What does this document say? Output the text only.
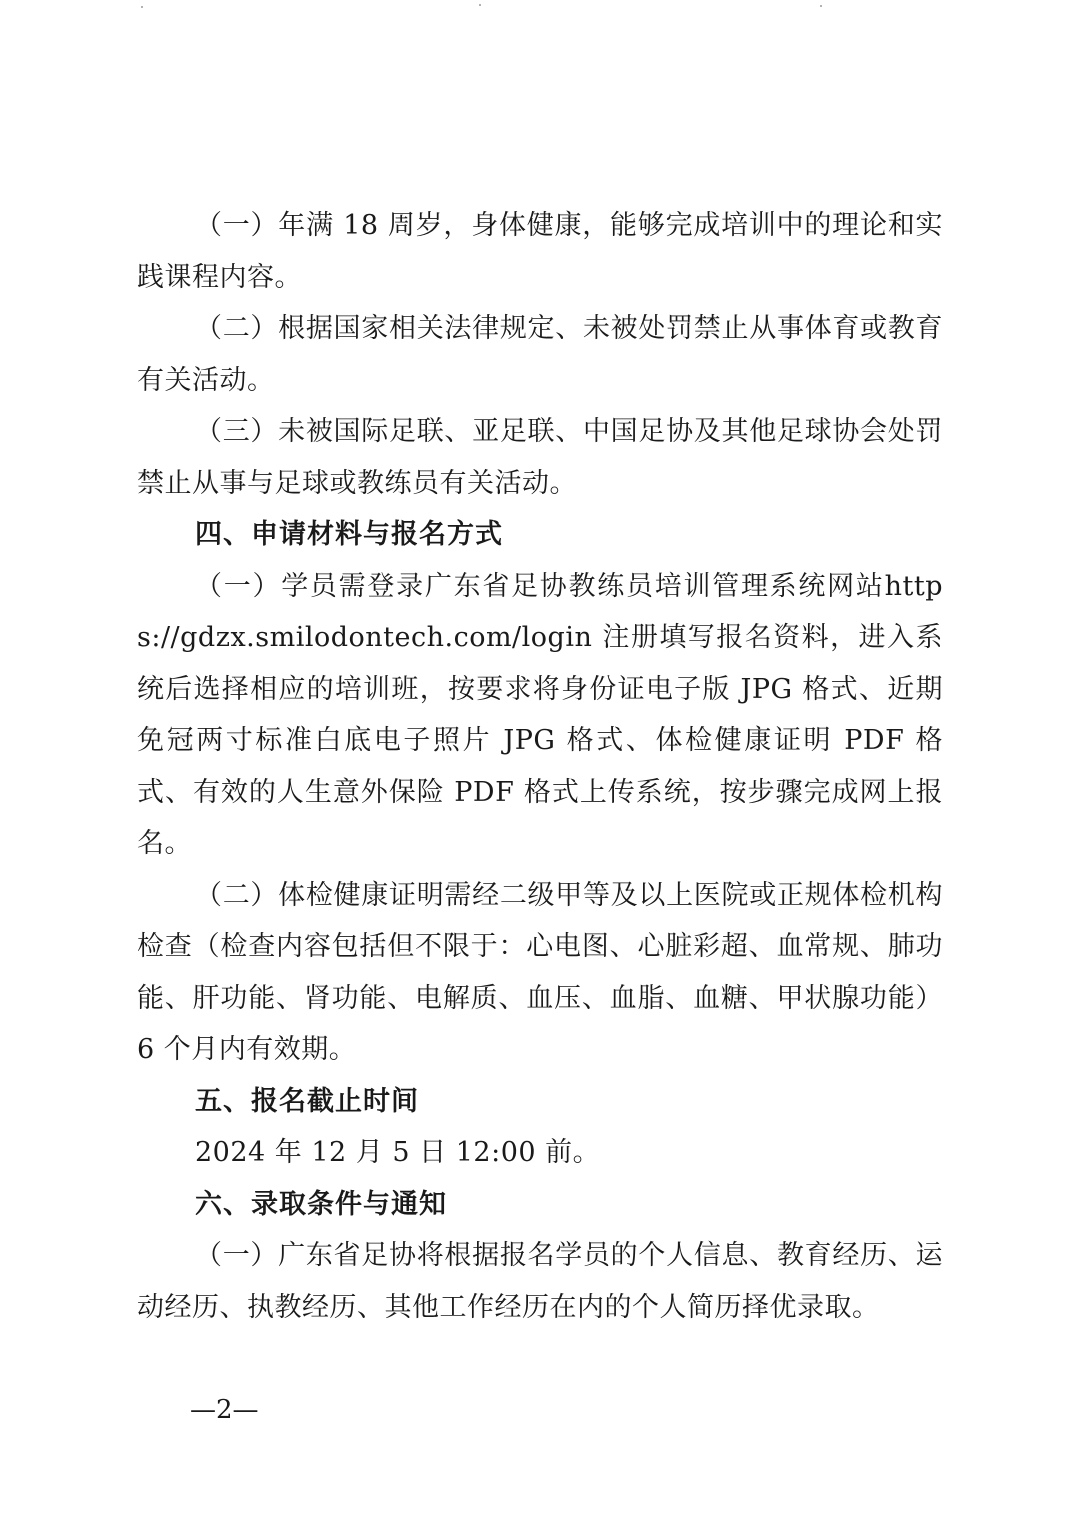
（一）年满 18 周岁，身体健康，能够完成培训中的理论和实践课程内容。

（二）根据国家相关法律规定、未被处罚禁止从事体育或教育有关活动。

（三）未被国际足联、亚足联、中国足协及其他足球协会处罚禁止从事与足球或教练员有关活动。

四、申请材料与报名方式

（一）学员需登录广东省足协教练员培训管理系统网站https://gdzx.smilodontech.com/login 注册填写报名资料，进入系统后选择相应的培训班，按要求将身份证电子版 JPG 格式、近期免冠两寸标准白底电子照片 JPG 格式、体检健康证明 PDF 格式、有效的人生意外保险 PDF 格式上传系统，按步骤完成网上报名。

（二）体检健康证明需经二级甲等及以上医院或正规体检机构检查（检查内容包括但不限于：心电图、心脏彩超、血常规、肺功能、肝功能、肾功能、电解质、血压、血脂、血糖、甲状腺功能）6 个月内有效期。

五、报名截止时间

2024 年 12 月 5 日 12:00 前。

六、录取条件与通知

（一）广东省足协将根据报名学员的个人信息、教育经历、运动经历、执教经历、其他工作经历在内的个人简历择优录取。

—2—
